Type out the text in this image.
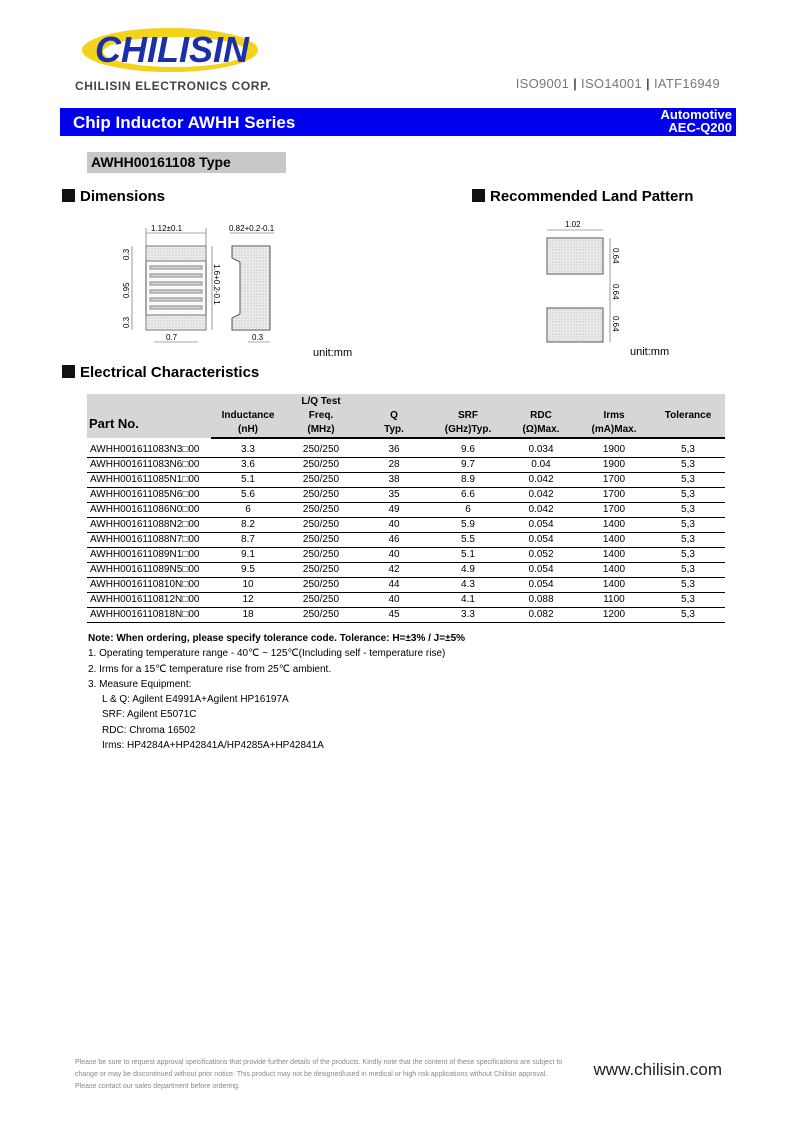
CHILISIN
CHILISIN ELECTRONICS CORP.	ISO9001 | ISO14001 | IATF16949
Chip Inductor AWHH Series	Automotive
AEC-Q200
AWHH00161108 Type
Dimensions	Recommended Land Pattern
1.12±0.1
0.3
0.95
0.3
1.6+0.2-0.1
0.7
0.82+0.2-0.1
0.3
unit:mm
1.02
0.64
0.64
0.64
unit:mm
Electrical Characteristics
		L/Q Test					
Part No.	Inductance	Freq.	Q	SRF	RDC	Irms	Tolerance
	(nH)	(MHz)	Typ.	(GHz)Typ.	(Ω)Max.	(mA)Max.	

AWHH001611083N3□00	3.3	250/250	36	9.6	0.034	1900	5,3
AWHH001611083N6□00	3.6	250/250	28	9.7	0.04	1900	5,3
AWHH001611085N1□00	5.1	250/250	38	8.9	0.042	1700	5,3
AWHH001611085N6□00	5.6	250/250	35	6.6	0.042	1700	5,3
AWHH001611086N0□00	6	250/250	49	6	0.042	1700	5,3
AWHH001611088N2□00	8.2	250/250	40	5.9	0.054	1400	5,3
AWHH001611088N7□00	8.7	250/250	46	5.5	0.054	1400	5,3
AWHH001611089N1□00	9.1	250/250	40	5.1	0.052	1400	5,3
AWHH001611089N5□00	9.5	250/250	42	4.9	0.054	1400	5,3
AWHH0016110810N□00	10	250/250	44	4.3	0.054	1400	5,3
AWHH0016110812N□00	12	250/250	40	4.1	0.088	1100	5,3
AWHH0016110818N□00	18	250/250	45	3.3	0.082	1200	5,3
Note: When ordering, please specify tolerance code. Tolerance: H=±3% / J=±5%
1. Operating temperature range - 40℃ ~ 125℃(Including self - temperature rise)
2. Irms for a 15℃ temperature rise from 25℃ ambient.
3. Measure Equipment:
L & Q: Agilent E4991A+Agilent HP16197A
SRF: Agilent E5071C
RDC: Chroma 16502
Irms: HP4284A+HP42841A/HP4285A+HP42841A
Please be sure to request approval specifications that provide further details of the products. Kindly note that the content of these specifications are subject to change or may be discontinued without prior notice. This product may not be designed/used in medical or high risk applications without Chilisin approval. Please contact our sales department before ordering.
www.chilisin.com
